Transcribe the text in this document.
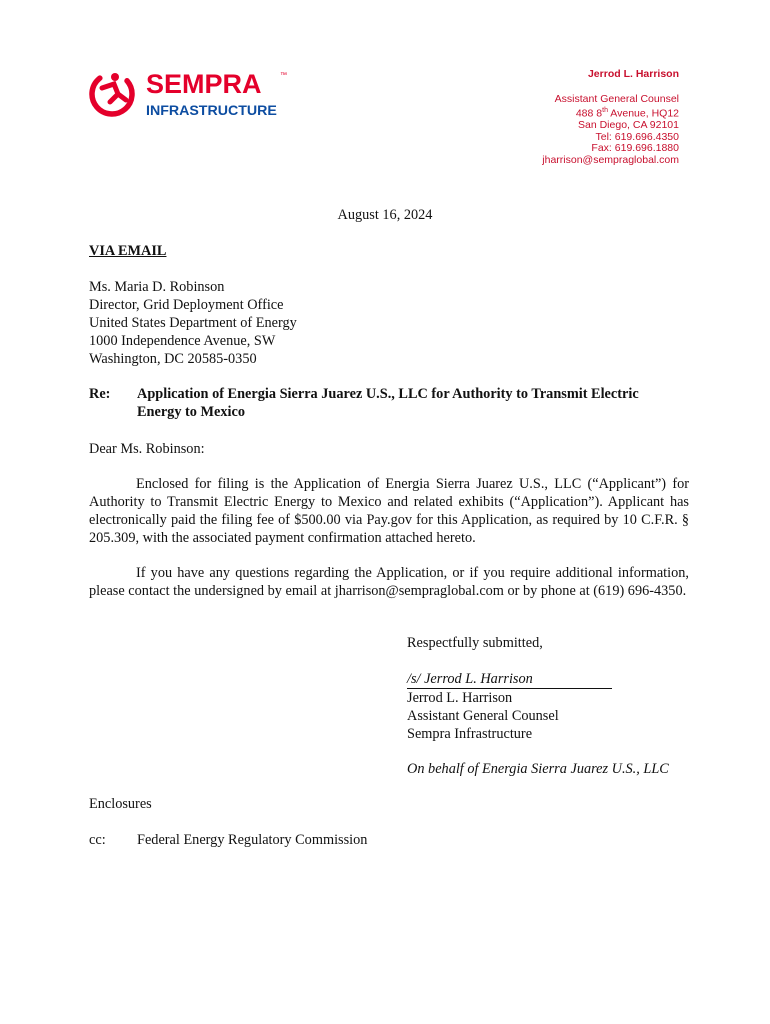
SEMPRA	™
INFRASTRUCTURE
Jerrod L. Harrison
Assistant General Counsel
488 8th Avenue, HQ12
San Diego, CA 92101
Tel: 619.696.4350
Fax: 619.696.1880
jharrison@sempraglobal.com
August 16, 2024
VIA EMAIL
Ms. Maria D. Robinson
Director, Grid Deployment Office
United States Department of Energy
1000 Independence Avenue, SW
Washington, DC 20585-0350
Re: Application of Energia Sierra Juarez U.S., LLC for Authority to Transmit Electric Energy to Mexico
Dear Ms. Robinson:
Enclosed for filing is the Application of Energia Sierra Juarez U.S., LLC (“Applicant”) for Authority to Transmit Electric Energy to Mexico and related exhibits (“Application”). Applicant has electronically paid the filing fee of $500.00 via Pay.gov for this Application, as required by 10 C.F.R. § 205.309, with the associated payment confirmation attached hereto.
If you have any questions regarding the Application, or if you require additional information, please contact the undersigned by email at jharrison@sempraglobal.com or by phone at (619) 696-4350.
Respectfully submitted,
/s/ Jerrod L. Harrison
Jerrod L. Harrison
Assistant General Counsel
Sempra Infrastructure
On behalf of Energia Sierra Juarez U.S., LLC
Enclosures
cc: Federal Energy Regulatory Commission
